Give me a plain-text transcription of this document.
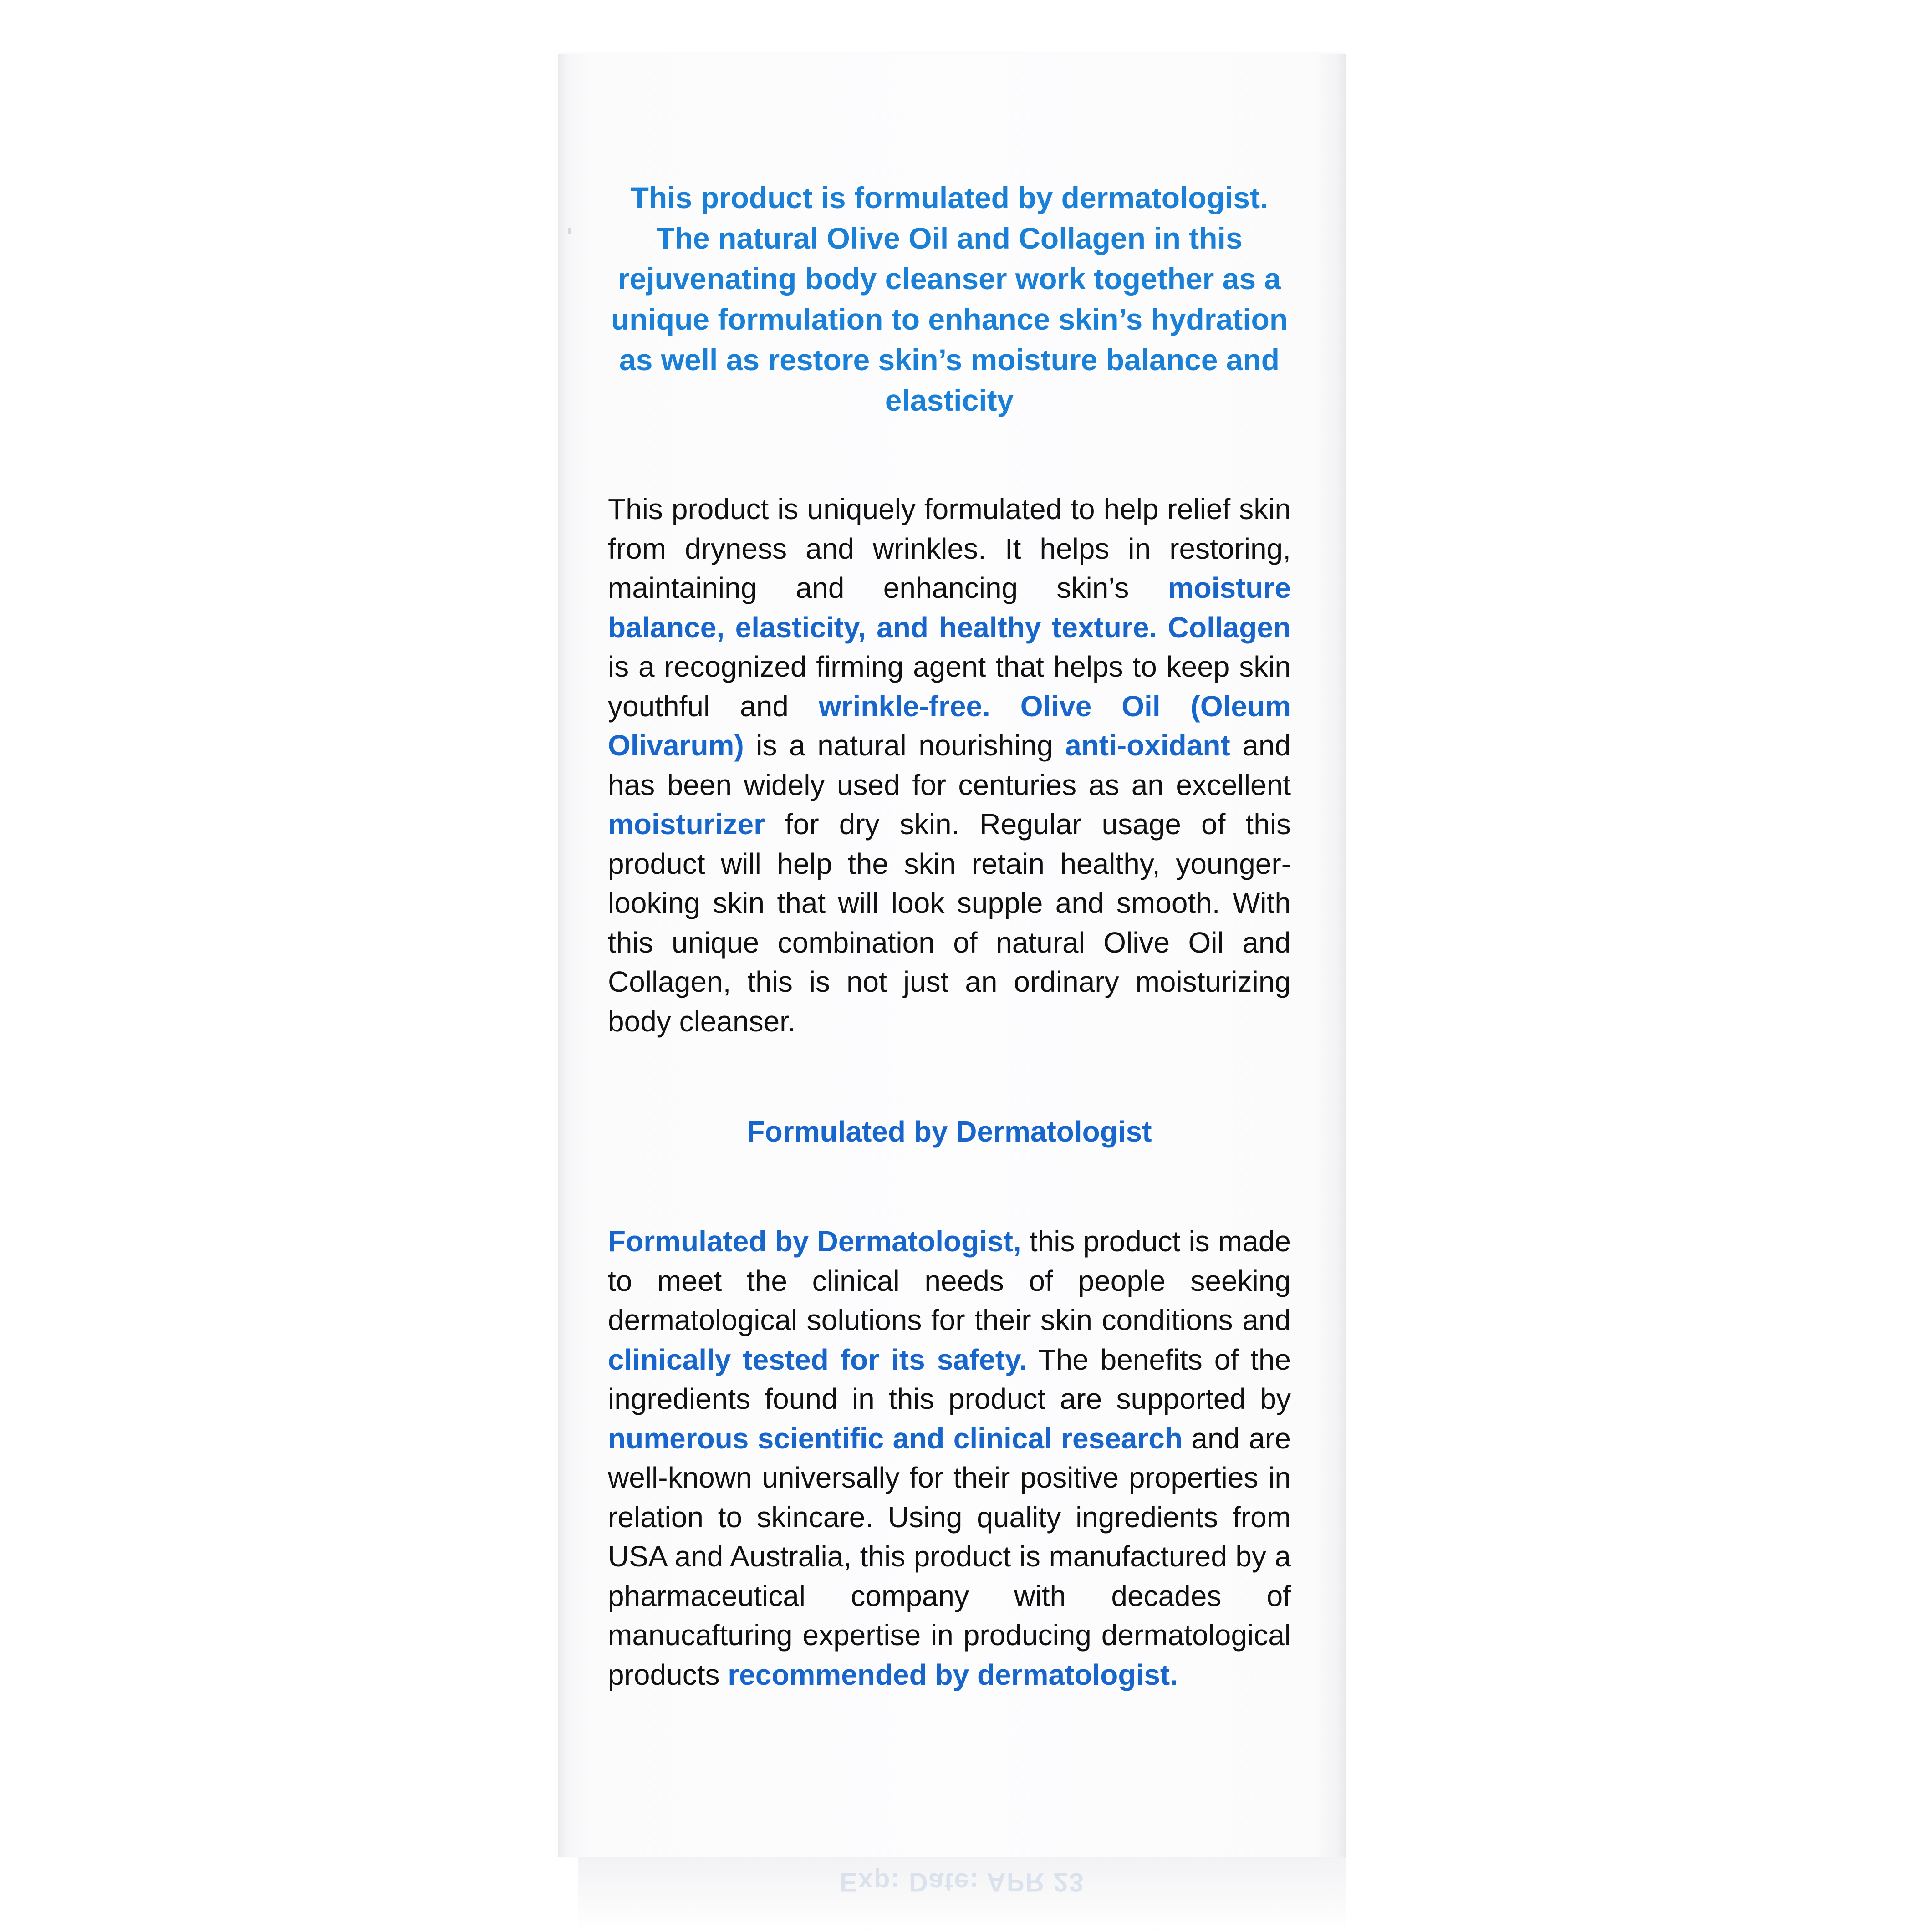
This product is formulated by dermatologist. The natural Olive Oil and Collagen in this rejuvenating body cleanser work together as a unique formulation to enhance skin’s hydration as well as restore skin’s moisture balance and elasticity
This product is uniquely formulated to help relief skin from dryness and wrinkles. It helps in restoring, maintaining and enhancing skin’s moisture balance, elasticity, and healthy texture. Collagen is a recognized firming agent that helps to keep skin youthful and wrinkle-free. Olive Oil (Oleum Olivarum) is a natural nourishing anti-oxidant and has been widely used for centuries as an excellent moisturizer for dry skin. Regular usage of this product will help the skin retain healthy, younger-looking skin that will look supple and smooth. With this unique combination of natural Olive Oil and Collagen, this is not just an ordinary moisturizing body cleanser.
Formulated by Dermatologist
Formulated by Dermatologist, this product is made to meet the clinical needs of people seeking dermatological solutions for their skin conditions and clinically tested for its safety. The benefits of the ingredients found in this product are supported by numerous scientific and clinical research and are well-known universally for their positive properties in relation to skincare. Using quality ingredients from USA and Australia, this product is manufactured by a pharmaceutical company with decades of manucafturing expertise in producing dermatological products recommended by dermatologist.
Exp: Date: APR 23
